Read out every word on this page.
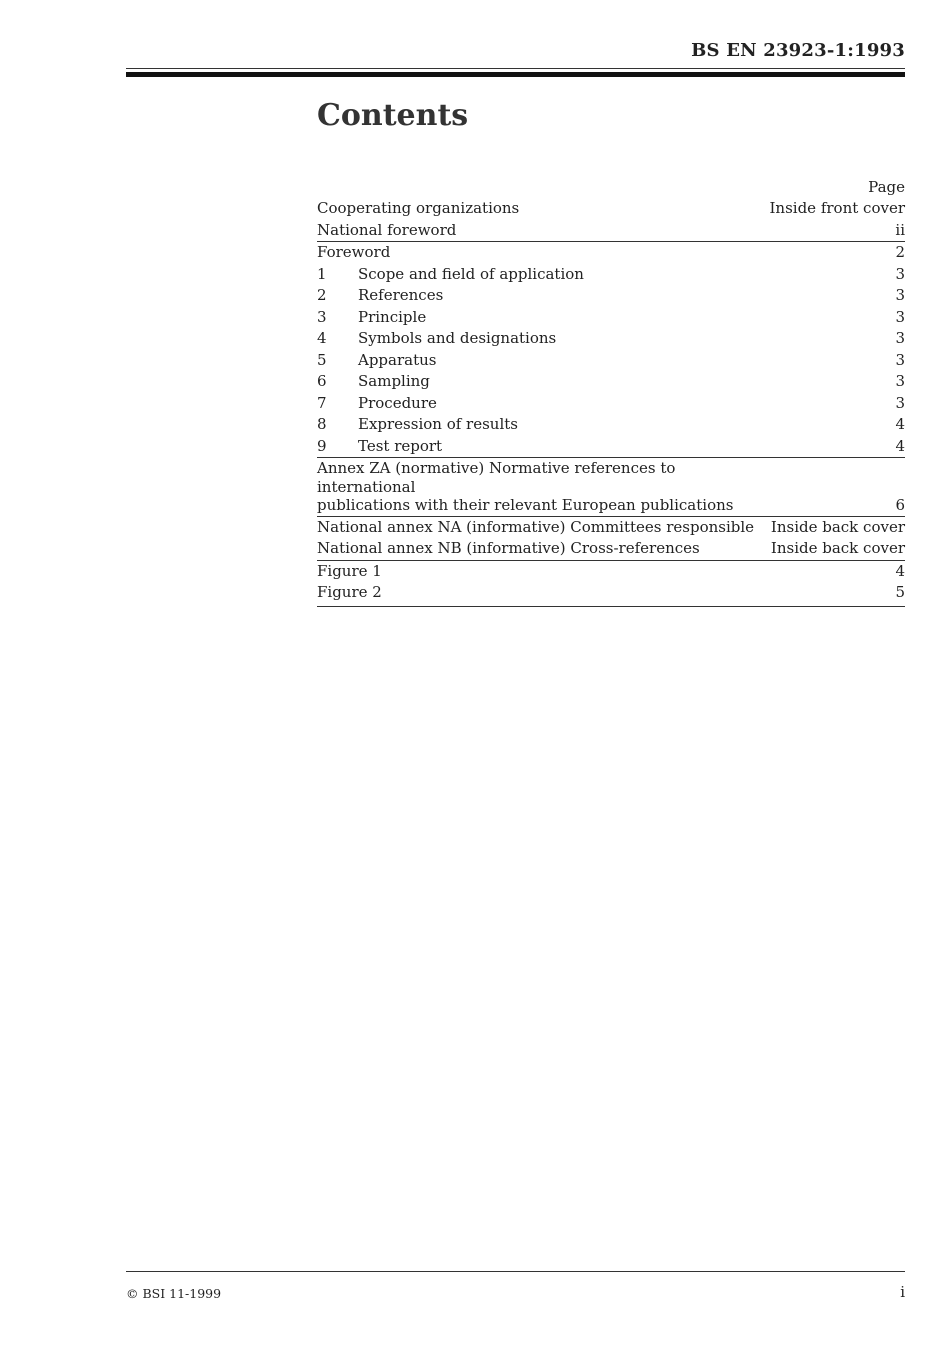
BS EN 23923-1:1993
Contents
Page
Cooperating organizations	Inside front cover
National foreword	ii
Foreword	2
1	Scope and field of application	3
2	References	3
3	Principle	3
4	Symbols and designations	3
5	Apparatus	3
6	Sampling	3
7	Procedure	3
8	Expression of results	4
9	Test report	4
Annex ZA (normative) Normative references to international
publications with their relevant European publications	6
National annex NA (informative) Committees responsible	Inside back cover
National annex NB (informative) Cross-references	Inside back cover
Figure 1	4
Figure 2	5
© BSI 11-1999	i
